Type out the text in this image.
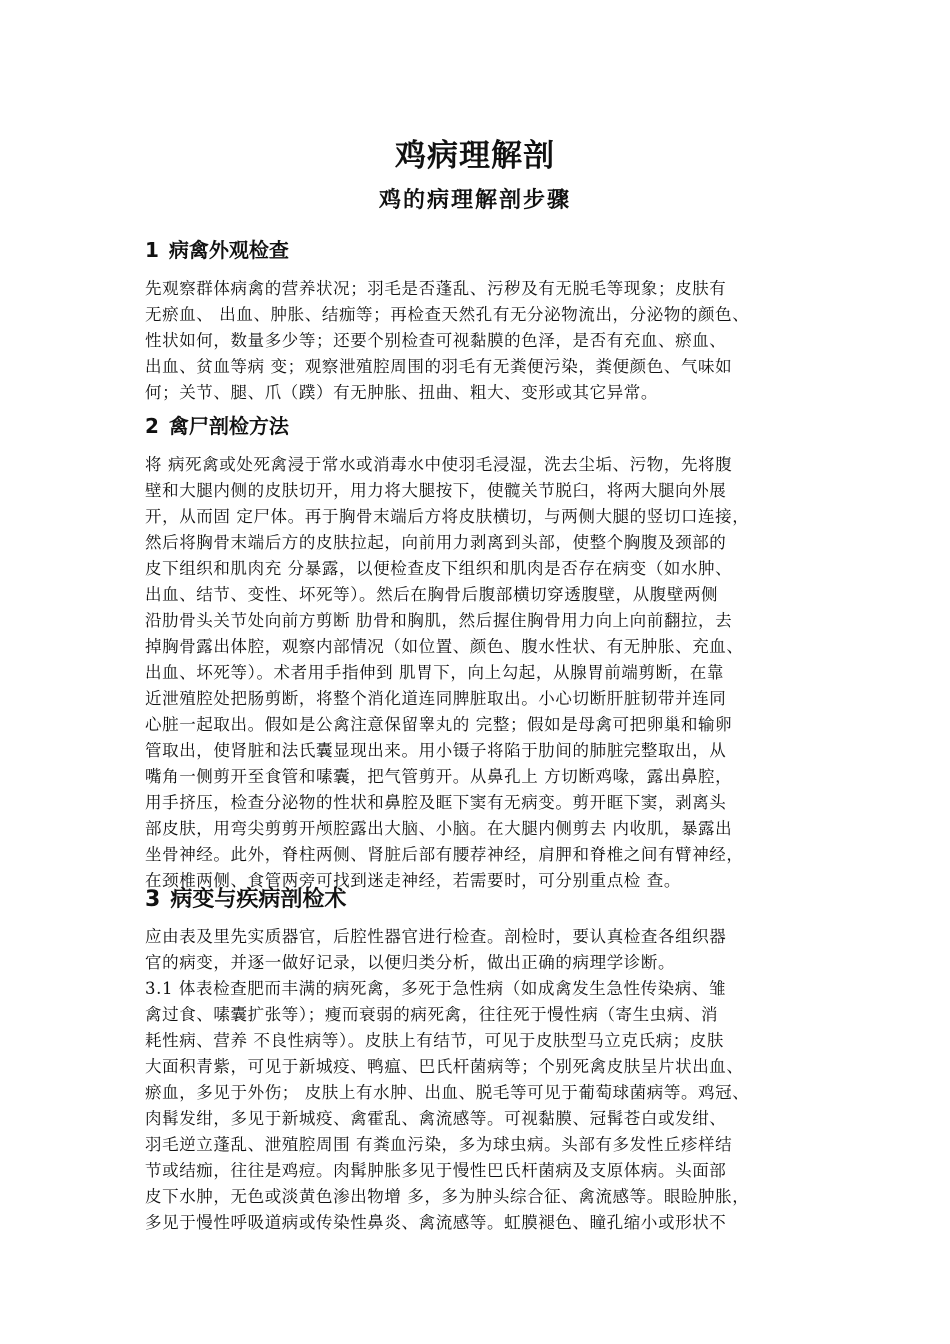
鸡病理解剖
鸡的病理解剖步骤
1 病禽外观检查
先观察群体病禽的营养状况；羽毛是否蓬乱、污秽及有无脱毛等现象；皮肤有
无瘀血、 出血、肿胀、结痂等；再检查天然孔有无分泌物流出，分泌物的颜色、
性状如何，数量多少等；还要个别检查可视黏膜的色泽，是否有充血、瘀血、
出血、贫血等病 变；观察泄殖腔周围的羽毛有无粪便污染，粪便颜色、气味如
何；关节、腿、爪（蹼）有无肿胀、扭曲、粗大、变形或其它异常。
2 禽尸剖检方法
将 病死禽或处死禽浸于常水或消毒水中使羽毛浸湿，洗去尘垢、污物，先将腹
壁和大腿内侧的皮肤切开，用力将大腿按下，使髋关节脱臼，将两大腿向外展
开，从而固 定尸体。再于胸骨末端后方将皮肤横切，与两侧大腿的竖切口连接，
然后将胸骨末端后方的皮肤拉起，向前用力剥离到头部，使整个胸腹及颈部的
皮下组织和肌肉充 分暴露，以便检查皮下组织和肌肉是否存在病变（如水肿、
出血、结节、变性、坏死等）。然后在胸骨后腹部横切穿透腹壁，从腹壁两侧
沿肋骨头关节处向前方剪断 肋骨和胸肌，然后握住胸骨用力向上向前翻拉，去
掉胸骨露出体腔，观察内部情况（如位置、颜色、腹水性状、有无肿胀、充血、
出血、坏死等）。术者用手指伸到 肌胃下，向上勾起，从腺胃前端剪断，在靠
近泄殖腔处把肠剪断，将整个消化道连同脾脏取出。小心切断肝脏韧带并连同
心脏一起取出。假如是公禽注意保留睾丸的 完整；假如是母禽可把卵巢和输卵
管取出，使肾脏和法氏囊显现出来。用小镊子将陷于肋间的肺脏完整取出，从
嘴角一侧剪开至食管和嗉囊，把气管剪开。从鼻孔上 方切断鸡喙，露出鼻腔，
用手挤压，检查分泌物的性状和鼻腔及眶下窦有无病变。剪开眶下窦，剥离头
部皮肤，用弯尖剪剪开颅腔露出大脑、小脑。在大腿内侧剪去 内收肌，暴露出
坐骨神经。此外，脊柱两侧、肾脏后部有腰荐神经，肩胛和脊椎之间有臂神经，
在颈椎两侧、食管两旁可找到迷走神经，若需要时，可分别重点检 查。
3 病变与疾病剖检术
应由表及里先实质器官，后腔性器官进行检查。剖检时，要认真检查各组织器
官的病变，并逐一做好记录，以便归类分析，做出正确的病理学诊断。
3.1 体表检查肥而丰满的病死禽，多死于急性病（如成禽发生急性传染病、雏
禽过食、嗉囊扩张等）；瘦而衰弱的病死禽，往往死于慢性病（寄生虫病、消
耗性病、营养 不良性病等）。皮肤上有结节，可见于皮肤型马立克氏病；皮肤
大面积青紫，可见于新城疫、鸭瘟、巴氏杆菌病等；个别死禽皮肤呈片状出血、
瘀血，多见于外伤； 皮肤上有水肿、出血、脱毛等可见于葡萄球菌病等。鸡冠、
肉髯发绀，多见于新城疫、禽霍乱、禽流感等。可视黏膜、冠髯苍白或发绀、
羽毛逆立蓬乱、泄殖腔周围 有粪血污染，多为球虫病。头部有多发性丘疹样结
节或结痂，往往是鸡痘。肉髯肿胀多见于慢性巴氏杆菌病及支原体病。头面部
皮下水肿，无色或淡黄色渗出物增 多，多为肿头综合征、禽流感等。眼睑肿胀，
多见于慢性呼吸道病或传染性鼻炎、禽流感等。虹膜褪色、瞳孔缩小或形状不
